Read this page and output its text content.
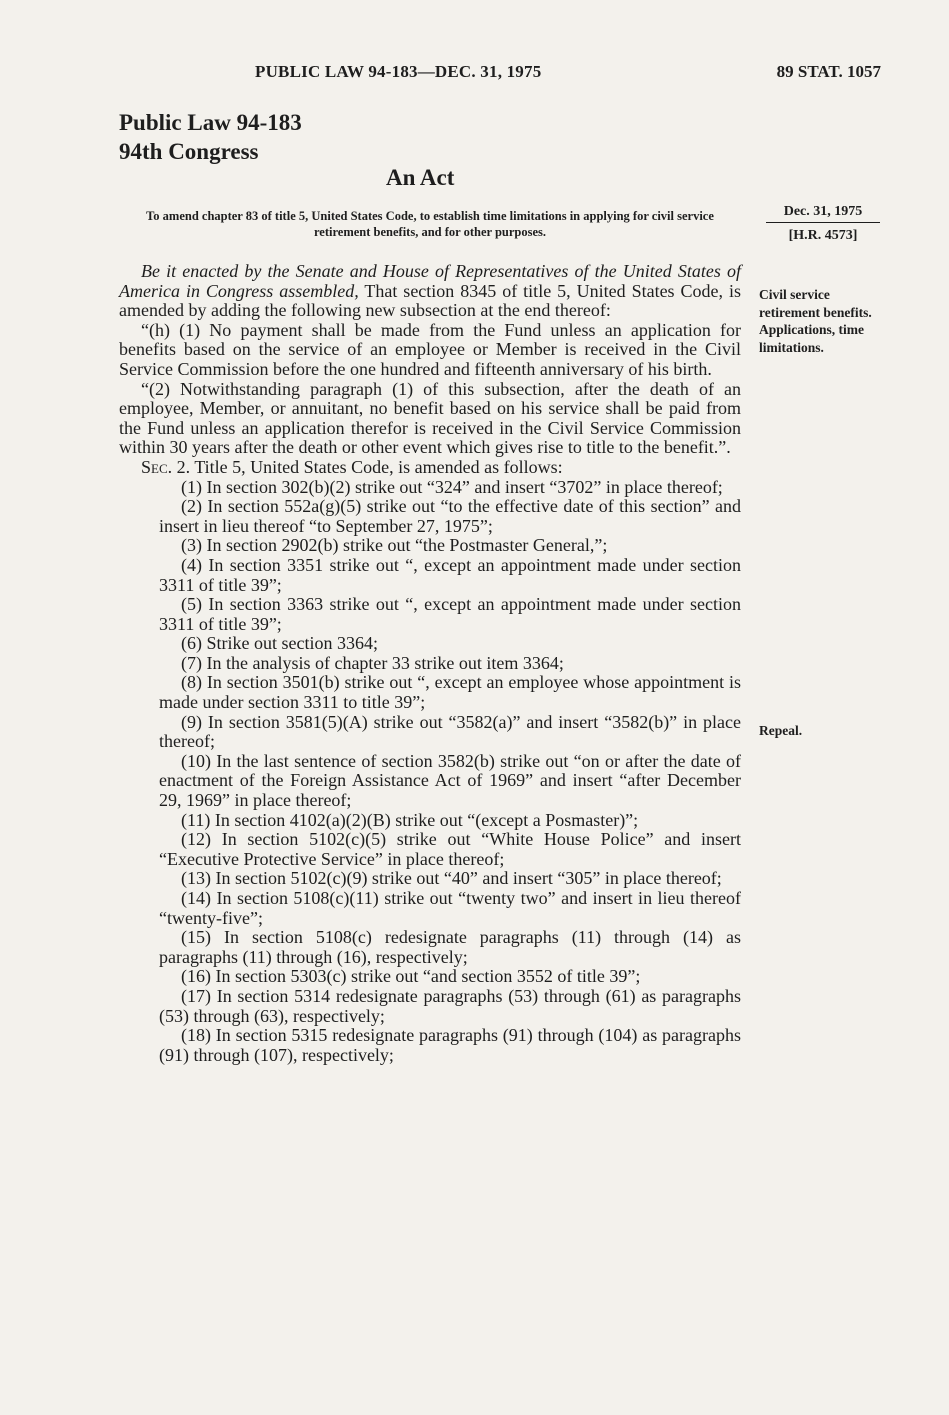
PUBLIC LAW 94-183—DEC. 31, 1975	89 STAT. 1057
Public Law 94-183
94th Congress
An Act
To amend chapter 83 of title 5, United States Code, to establish time limitations in applying for civil service retirement benefits, and for other purposes.
Dec. 31, 1975
[H.R. 4573]
Civil service retirement benefits. Applications, time limitations.
Repeal.

Be it enacted by the Senate and House of Representatives of the United States of America in Congress assembled, That section 8345 of title 5, United States Code, is amended by adding the following new subsection at the end thereof:

“(h) (1) No payment shall be made from the Fund unless an application for benefits based on the service of an employee or Member is received in the Civil Service Commission before the one hundred and fifteenth anniversary of his birth.

“(2) Notwithstanding paragraph (1) of this subsection, after the death of an employee, Member, or annuitant, no benefit based on his service shall be paid from the Fund unless an application therefor is received in the Civil Service Commission within 30 years after the death or other event which gives rise to title to the benefit.”.

Sec. 2. Title 5, United States Code, is amended as follows:

(1) In section 302(b)(2) strike out “324” and insert “3702” in place thereof;

(2) In section 552a(g)(5) strike out “to the effective date of this section” and insert in lieu thereof “to September 27, 1975”;

(3) In section 2902(b) strike out “the Postmaster General,”;

(4) In section 3351 strike out “, except an appointment made under section 3311 of title 39”;

(5) In section 3363 strike out “, except an appointment made under section 3311 of title 39”;

(6) Strike out section 3364;

(7) In the analysis of chapter 33 strike out item 3364;

(8) In section 3501(b) strike out “, except an employee whose appointment is made under section 3311 to title 39”;

(9) In section 3581(5)(A) strike out “3582(a)” and insert “3582(b)” in place thereof;

(10) In the last sentence of section 3582(b) strike out “on or after the date of enactment of the Foreign Assistance Act of 1969” and insert “after December 29, 1969” in place thereof;

(11) In section 4102(a)(2)(B) strike out “(except a Posmaster)”;

(12) In section 5102(c)(5) strike out “White House Police” and insert “Executive Protective Service” in place thereof;

(13) In section 5102(c)(9) strike out “40” and insert “305” in place thereof;

(14) In section 5108(c)(11) strike out “twenty two” and insert in lieu thereof “twenty-five”;

(15) In section 5108(c) redesignate paragraphs (11) through (14) as paragraphs (11) through (16), respectively;

(16) In section 5303(c) strike out “and section 3552 of title 39”;

(17) In section 5314 redesignate paragraphs (53) through (61) as paragraphs (53) through (63), respectively;

(18) In section 5315 redesignate paragraphs (91) through (104) as paragraphs (91) through (107), respectively;
